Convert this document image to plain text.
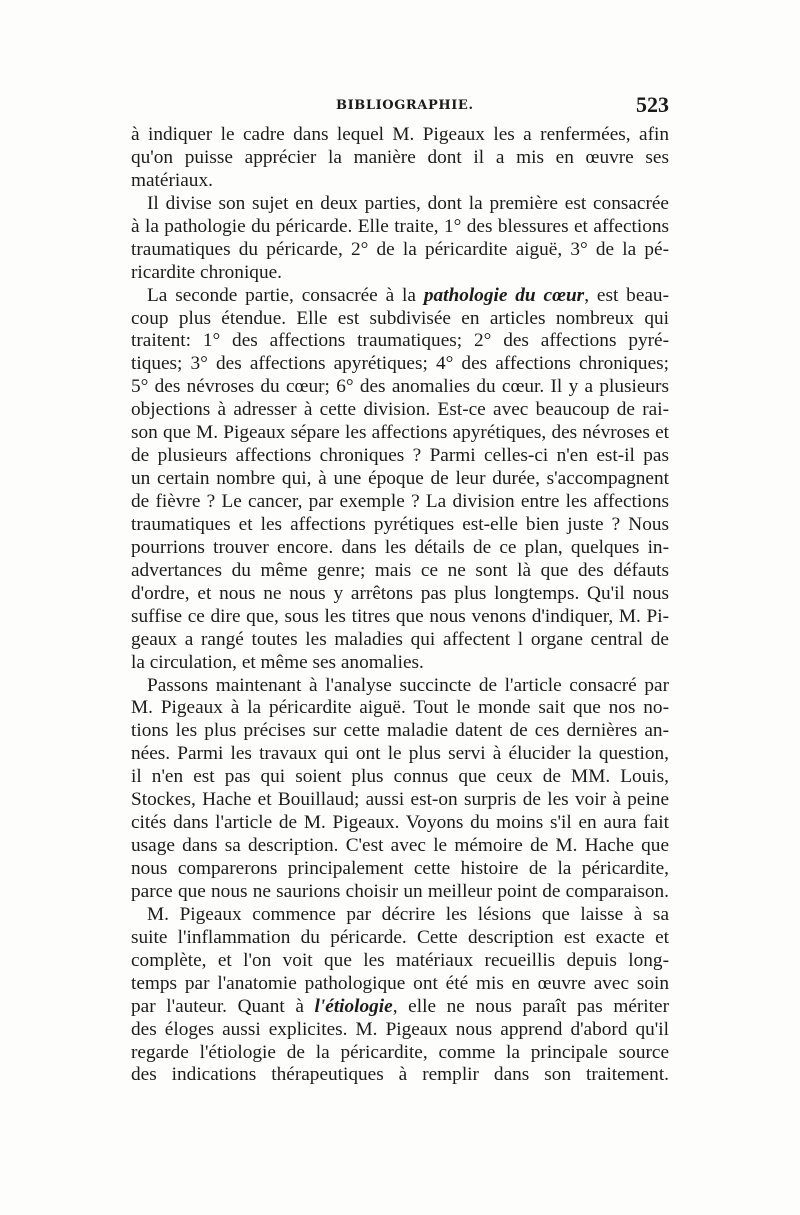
BIBLIOGRAPHIE.	523
à indiquer le cadre dans lequel M. Pigeaux les a renfermées, afin
qu'on puisse apprécier la manière dont il a mis en œuvre ses
matériaux.
Il divise son sujet en deux parties, dont la première est consacrée
à la pathologie du péricarde. Elle traite, 1° des blessures et affections
traumatiques du péricarde, 2° de la péricardite aiguë, 3° de la pé-
ricardite chronique.
La seconde partie, consacrée à la pathologie du cœur, est beau-
coup plus étendue. Elle est subdivisée en articles nombreux qui
traitent: 1° des affections traumatiques; 2° des affections pyré-
tiques; 3° des affections apyrétiques; 4° des affections chroniques;
5° des névroses du cœur; 6° des anomalies du cœur. Il y a plusieurs
objections à adresser à cette division. Est-ce avec beaucoup de rai-
son que M. Pigeaux sépare les affections apyrétiques, des névroses et
de plusieurs affections chroniques ? Parmi celles-ci n'en est-il pas
un certain nombre qui, à une époque de leur durée, s'accompagnent
de fièvre ? Le cancer, par exemple ? La division entre les affections
traumatiques et les affections pyrétiques est-elle bien juste ? Nous
pourrions trouver encore. dans les détails de ce plan, quelques in-
advertances du même genre; mais ce ne sont là que des défauts
d'ordre, et nous ne nous y arrêtons pas plus longtemps. Qu'il nous
suffise ce dire que, sous les titres que nous venons d'indiquer, M. Pi-
geaux a rangé toutes les maladies qui affectent l organe central de
la circulation, et même ses anomalies.
Passons maintenant à l'analyse succincte de l'article consacré par
M. Pigeaux à la péricardite aiguë. Tout le monde sait que nos no-
tions les plus précises sur cette maladie datent de ces dernières an-
nées. Parmi les travaux qui ont le plus servi à élucider la question,
il n'en est pas qui soient plus connus que ceux de MM. Louis,
Stockes, Hache et Bouillaud; aussi est-on surpris de les voir à peine
cités dans l'article de M. Pigeaux. Voyons du moins s'il en aura fait
usage dans sa description. C'est avec le mémoire de M. Hache que
nous comparerons principalement cette histoire de la péricardite,
parce que nous ne saurions choisir un meilleur point de comparaison.
M. Pigeaux commence par décrire les lésions que laisse à sa
suite l'inflammation du péricarde. Cette description est exacte et
complète, et l'on voit que les matériaux recueillis depuis long-
temps par l'anatomie pathologique ont été mis en œuvre avec soin
par l'auteur. Quant à l'étiologie, elle ne nous paraît pas mériter
des éloges aussi explicites. M. Pigeaux nous apprend d'abord qu'il
regarde l'étiologie de la péricardite, comme la principale source
des indications thérapeutiques à remplir dans son traitement.
